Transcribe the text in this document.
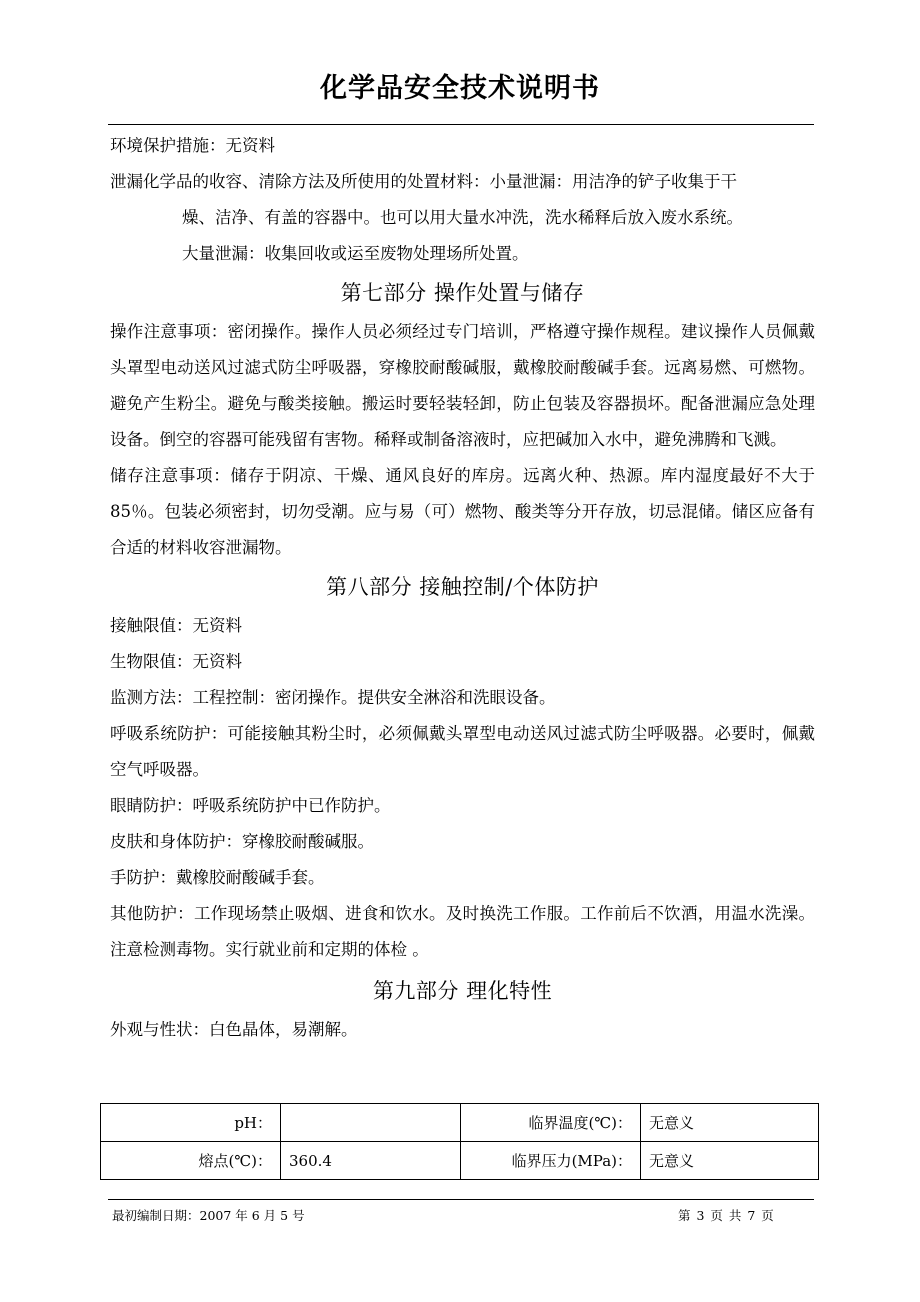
化学品安全技术说明书

环境保护措施：无资料

泄漏化学品的收容、清除方法及所使用的处置材料：小量泄漏：用洁净的铲子收集于干

燥、洁净、有盖的容器中。也可以用大量水冲洗，洗水稀释后放入废水系统。

大量泄漏：收集回收或运至废物处理场所处置。

第七部分 操作处置与储存

操作注意事项：密闭操作。操作人员必须经过专门培训，严格遵守操作规程。建议操作人员佩戴头罩型电动送风过滤式防尘呼吸器，穿橡胶耐酸碱服，戴橡胶耐酸碱手套。远离易燃、可燃物。避免产生粉尘。避免与酸类接触。搬运时要轻装轻卸，防止包装及容器损坏。配备泄漏应急处理设备。倒空的容器可能残留有害物。稀释或制备溶液时，应把碱加入水中，避免沸腾和飞溅。

储存注意事项：储存于阴凉、干燥、通风良好的库房。远离火种、热源。库内湿度最好不大于 85％。包装必须密封，切勿受潮。应与易（可）燃物、酸类等分开存放，切忌混储。储区应备有合适的材料收容泄漏物。

第八部分 接触控制/个体防护

接触限值：无资料

生物限值：无资料

监测方法：工程控制：密闭操作。提供安全淋浴和洗眼设备。

呼吸系统防护：可能接触其粉尘时，必须佩戴头罩型电动送风过滤式防尘呼吸器。必要时，佩戴空气呼吸器。

眼睛防护：呼吸系统防护中已作防护。

皮肤和身体防护：穿橡胶耐酸碱服。

手防护：戴橡胶耐酸碱手套。

其他防护：工作现场禁止吸烟、进食和饮水。及时换洗工作服。工作前后不饮酒，用温水洗澡。注意检测毒物。实行就业前和定期的体检 。

第九部分 理化特性

外观与性状：白色晶体，易潮解。

pH：		临界温度(℃)：	无意义
熔点(℃)：	360.4	临界压力(MPa)：	无意义
最初编制日期：2007 年 6 月 5 号	第 3 页 共 7 页
